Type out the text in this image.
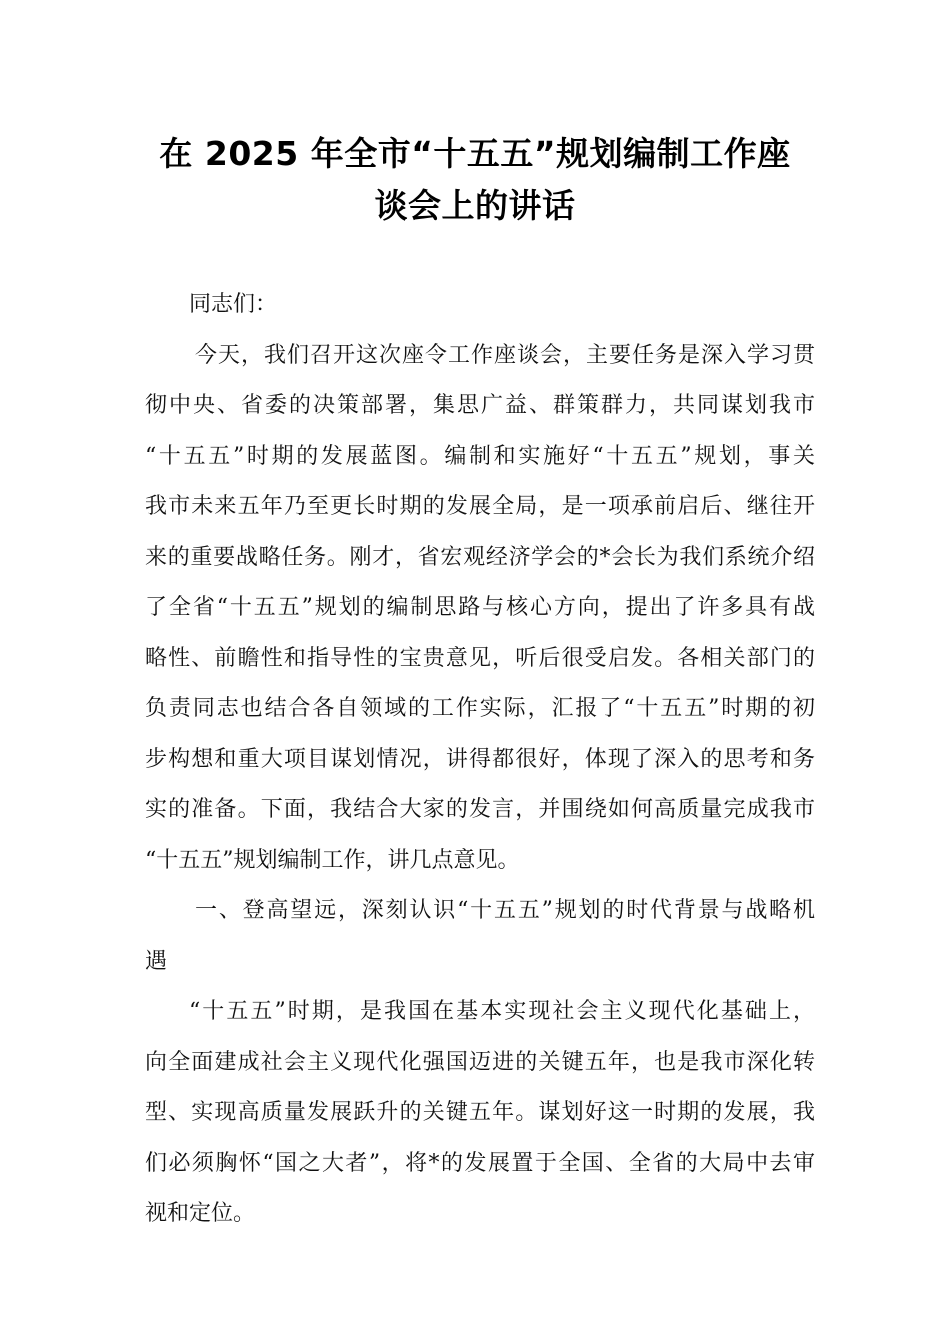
在 2025 年全市“十五五”规划编制工作座
谈会上的讲话
同志们：
今天，我们召开这次座令工作座谈会，主要任务是深入学习贯
彻中央、省委的决策部署，集思广益、群策群力，共同谋划我市
“十五五”时期的发展蓝图。编制和实施好“十五五”规划，事关
我市未来五年乃至更长时期的发展全局，是一项承前启后、继往开
来的重要战略任务。刚才，省宏观经济学会的*会长为我们系统介绍
了全省“十五五”规划的编制思路与核心方向，提出了许多具有战
略性、前瞻性和指导性的宝贵意见，听后很受启发。各相关部门的
负责同志也结合各自领域的工作实际，汇报了“十五五”时期的初
步构想和重大项目谋划情况，讲得都很好，体现了深入的思考和务
实的准备。下面，我结合大家的发言，并围绕如何高质量完成我市
“十五五”规划编制工作，讲几点意见。
一、登高望远，深刻认识“十五五”规划的时代背景与战略机
遇
“十五五”时期，是我国在基本实现社会主义现代化基础上，
向全面建成社会主义现代化强国迈进的关键五年，也是我市深化转
型、实现高质量发展跃升的关键五年。谋划好这一时期的发展，我
们必须胸怀“国之大者”，将*的发展置于全国、全省的大局中去审
视和定位。
